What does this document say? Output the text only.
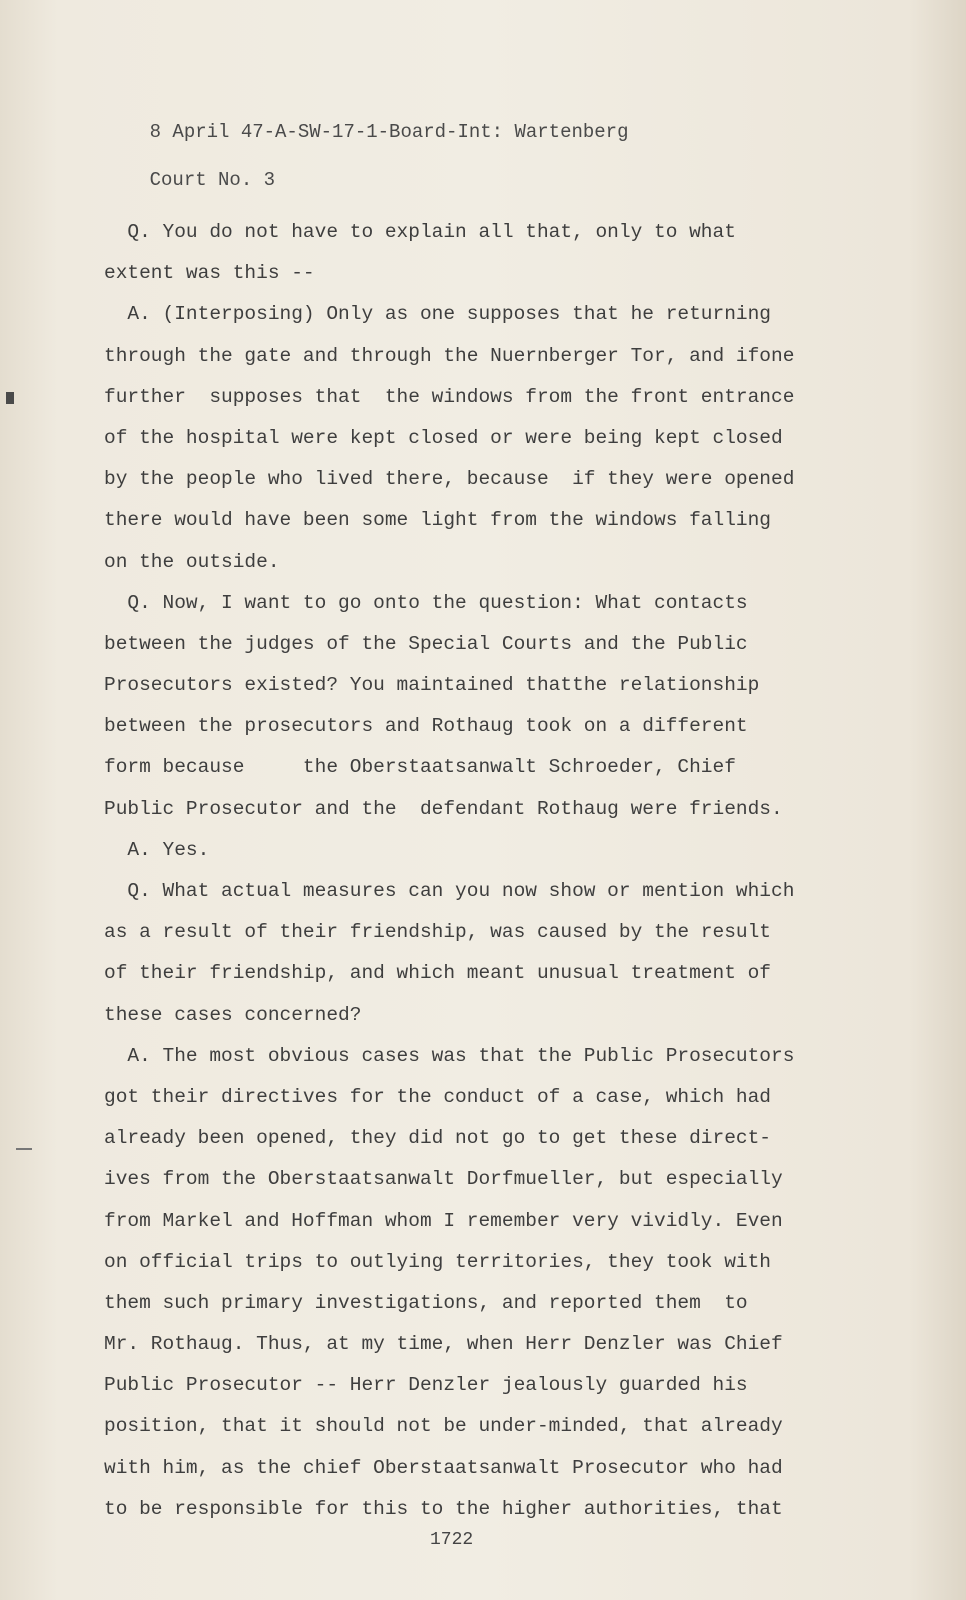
8 April 47-A-SW-17-1-Board-Int: Wartenberg

Court No. 3

Q. You do not have to explain all that, only to what
extent was this --
A. (Interposing) Only as one supposes that he returning
through the gate and through the Nuernberger Tor, and ifone
further  supposes that  the windows from the front entrance
of the hospital were kept closed or were being kept closed
by the people who lived there, because  if they were opened
there would have been some light from the windows falling
on the outside.
Q. Now, I want to go onto the question: What contacts
between the judges of the Special Courts and the Public
Prosecutors existed? You maintained thatthe relationship
between the prosecutors and Rothaug took on a different
form because     the Oberstaatsanwalt Schroeder, Chief
Public Prosecutor and the  defendant Rothaug were friends.
A. Yes.
Q. What actual measures can you now show or mention which
as a result of their friendship, was caused by the result
of their friendship, and which meant unusual treatment of
these cases concerned?
A. The most obvious cases was that the Public Prosecutors
got their directives for the conduct of a case, which had
already been opened, they did not go to get these direct-
ives from the Oberstaatsanwalt Dorfmueller, but especially
from Markel and Hoffman whom I remember very vividly. Even
on official trips to outlying territories, they took with
them such primary investigations, and reported them  to
Mr. Rothaug. Thus, at my time, when Herr Denzler was Chief
Public Prosecutor -- Herr Denzler jealously guarded his
position, that it should not be under-minded, that already
with him, as the chief Oberstaatsanwalt Prosecutor who had
to be responsible for this to the higher authorities, that
1722
